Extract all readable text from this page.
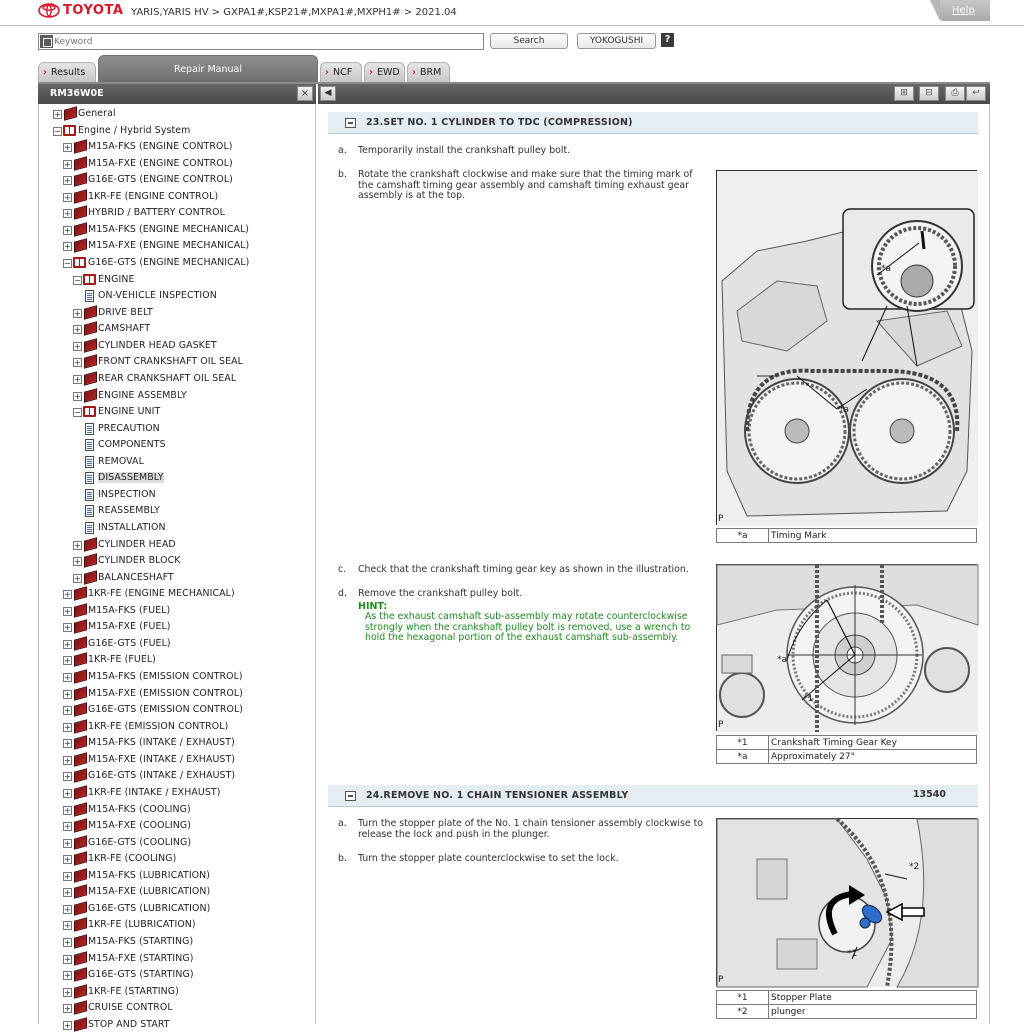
TOYOTA YARIS,YARIS HV > GXPA1#,KSP21#,MXPA1#,MXPH1# > 2021.04	Help
Keyword
Search	YOKOGUSHI	?
› Results	Repair Manual	› NCF	› EWD	› BRM
RM36W0E	×
+ General
− Engine / Hybrid System
+ M15A-FKS (ENGINE CONTROL)
+ M15A-FXE (ENGINE CONTROL)
+ G16E-GTS (ENGINE CONTROL)
+ 1KR-FE (ENGINE CONTROL)
+ HYBRID / BATTERY CONTROL
+ M15A-FKS (ENGINE MECHANICAL)
+ M15A-FXE (ENGINE MECHANICAL)
− G16E-GTS (ENGINE MECHANICAL)
− ENGINE
ON-VEHICLE INSPECTION
+ DRIVE BELT
+ CAMSHAFT
+ CYLINDER HEAD GASKET
+ FRONT CRANKSHAFT OIL SEAL
+ REAR CRANKSHAFT OIL SEAL
+ ENGINE ASSEMBLY
− ENGINE UNIT
PRECAUTION
COMPONENTS
REMOVAL
DISASSEMBLY
INSPECTION
REASSEMBLY
INSTALLATION
+ CYLINDER HEAD
+ CYLINDER BLOCK
+ BALANCESHAFT
+ 1KR-FE (ENGINE MECHANICAL)
+ M15A-FKS (FUEL)
+ M15A-FXE (FUEL)
+ G16E-GTS (FUEL)
+ 1KR-FE (FUEL)
+ M15A-FKS (EMISSION CONTROL)
+ M15A-FXE (EMISSION CONTROL)
+ G16E-GTS (EMISSION CONTROL)
+ 1KR-FE (EMISSION CONTROL)
+ M15A-FKS (INTAKE / EXHAUST)
+ M15A-FXE (INTAKE / EXHAUST)
+ G16E-GTS (INTAKE / EXHAUST)
+ 1KR-FE (INTAKE / EXHAUST)
+ M15A-FKS (COOLING)
+ M15A-FXE (COOLING)
+ G16E-GTS (COOLING)
+ 1KR-FE (COOLING)
+ M15A-FKS (LUBRICATION)
+ M15A-FXE (LUBRICATION)
+ G16E-GTS (LUBRICATION)
+ 1KR-FE (LUBRICATION)
+ M15A-FKS (STARTING)
+ M15A-FXE (STARTING)
+ G16E-GTS (STARTING)
+ 1KR-FE (STARTING)
+ CRUISE CONTROL
+ STOP AND START
◀	⊞	⊟	⎙	↩
23.SET NO. 1 CYLINDER TO TDC (COMPRESSION)
a. Temporarily install the crankshaft pulley bolt.
b. Rotate the crankshaft clockwise and make sure that the timing mark of the camshaft timing gear assembly and camshaft timing exhaust gear assembly is at the top.
*a
*a
P
*a	Timing Mark
c. Check that the crankshaft timing gear key as shown in the illustration.
d. Remove the crankshaft pulley bolt.
HINT:
As the exhaust camshaft sub-assembly may rotate counterclockwise strongly when the crankshaft pulley bolt is removed, use a wrench to hold the hexagonal portion of the exhaust camshaft sub-assembly.
*a
*1
P
*1	Crankshaft Timing Gear Key
*a	Approximately 27°
24.REMOVE NO. 1 CHAIN TENSIONER ASSEMBLY	13540
a. Turn the stopper plate of the No. 1 chain tensioner assembly clockwise to release the lock and push in the plunger.
b. Turn the stopper plate counterclockwise to set the lock.
*2
*1
P
*1	Stopper Plate
*2	plunger
